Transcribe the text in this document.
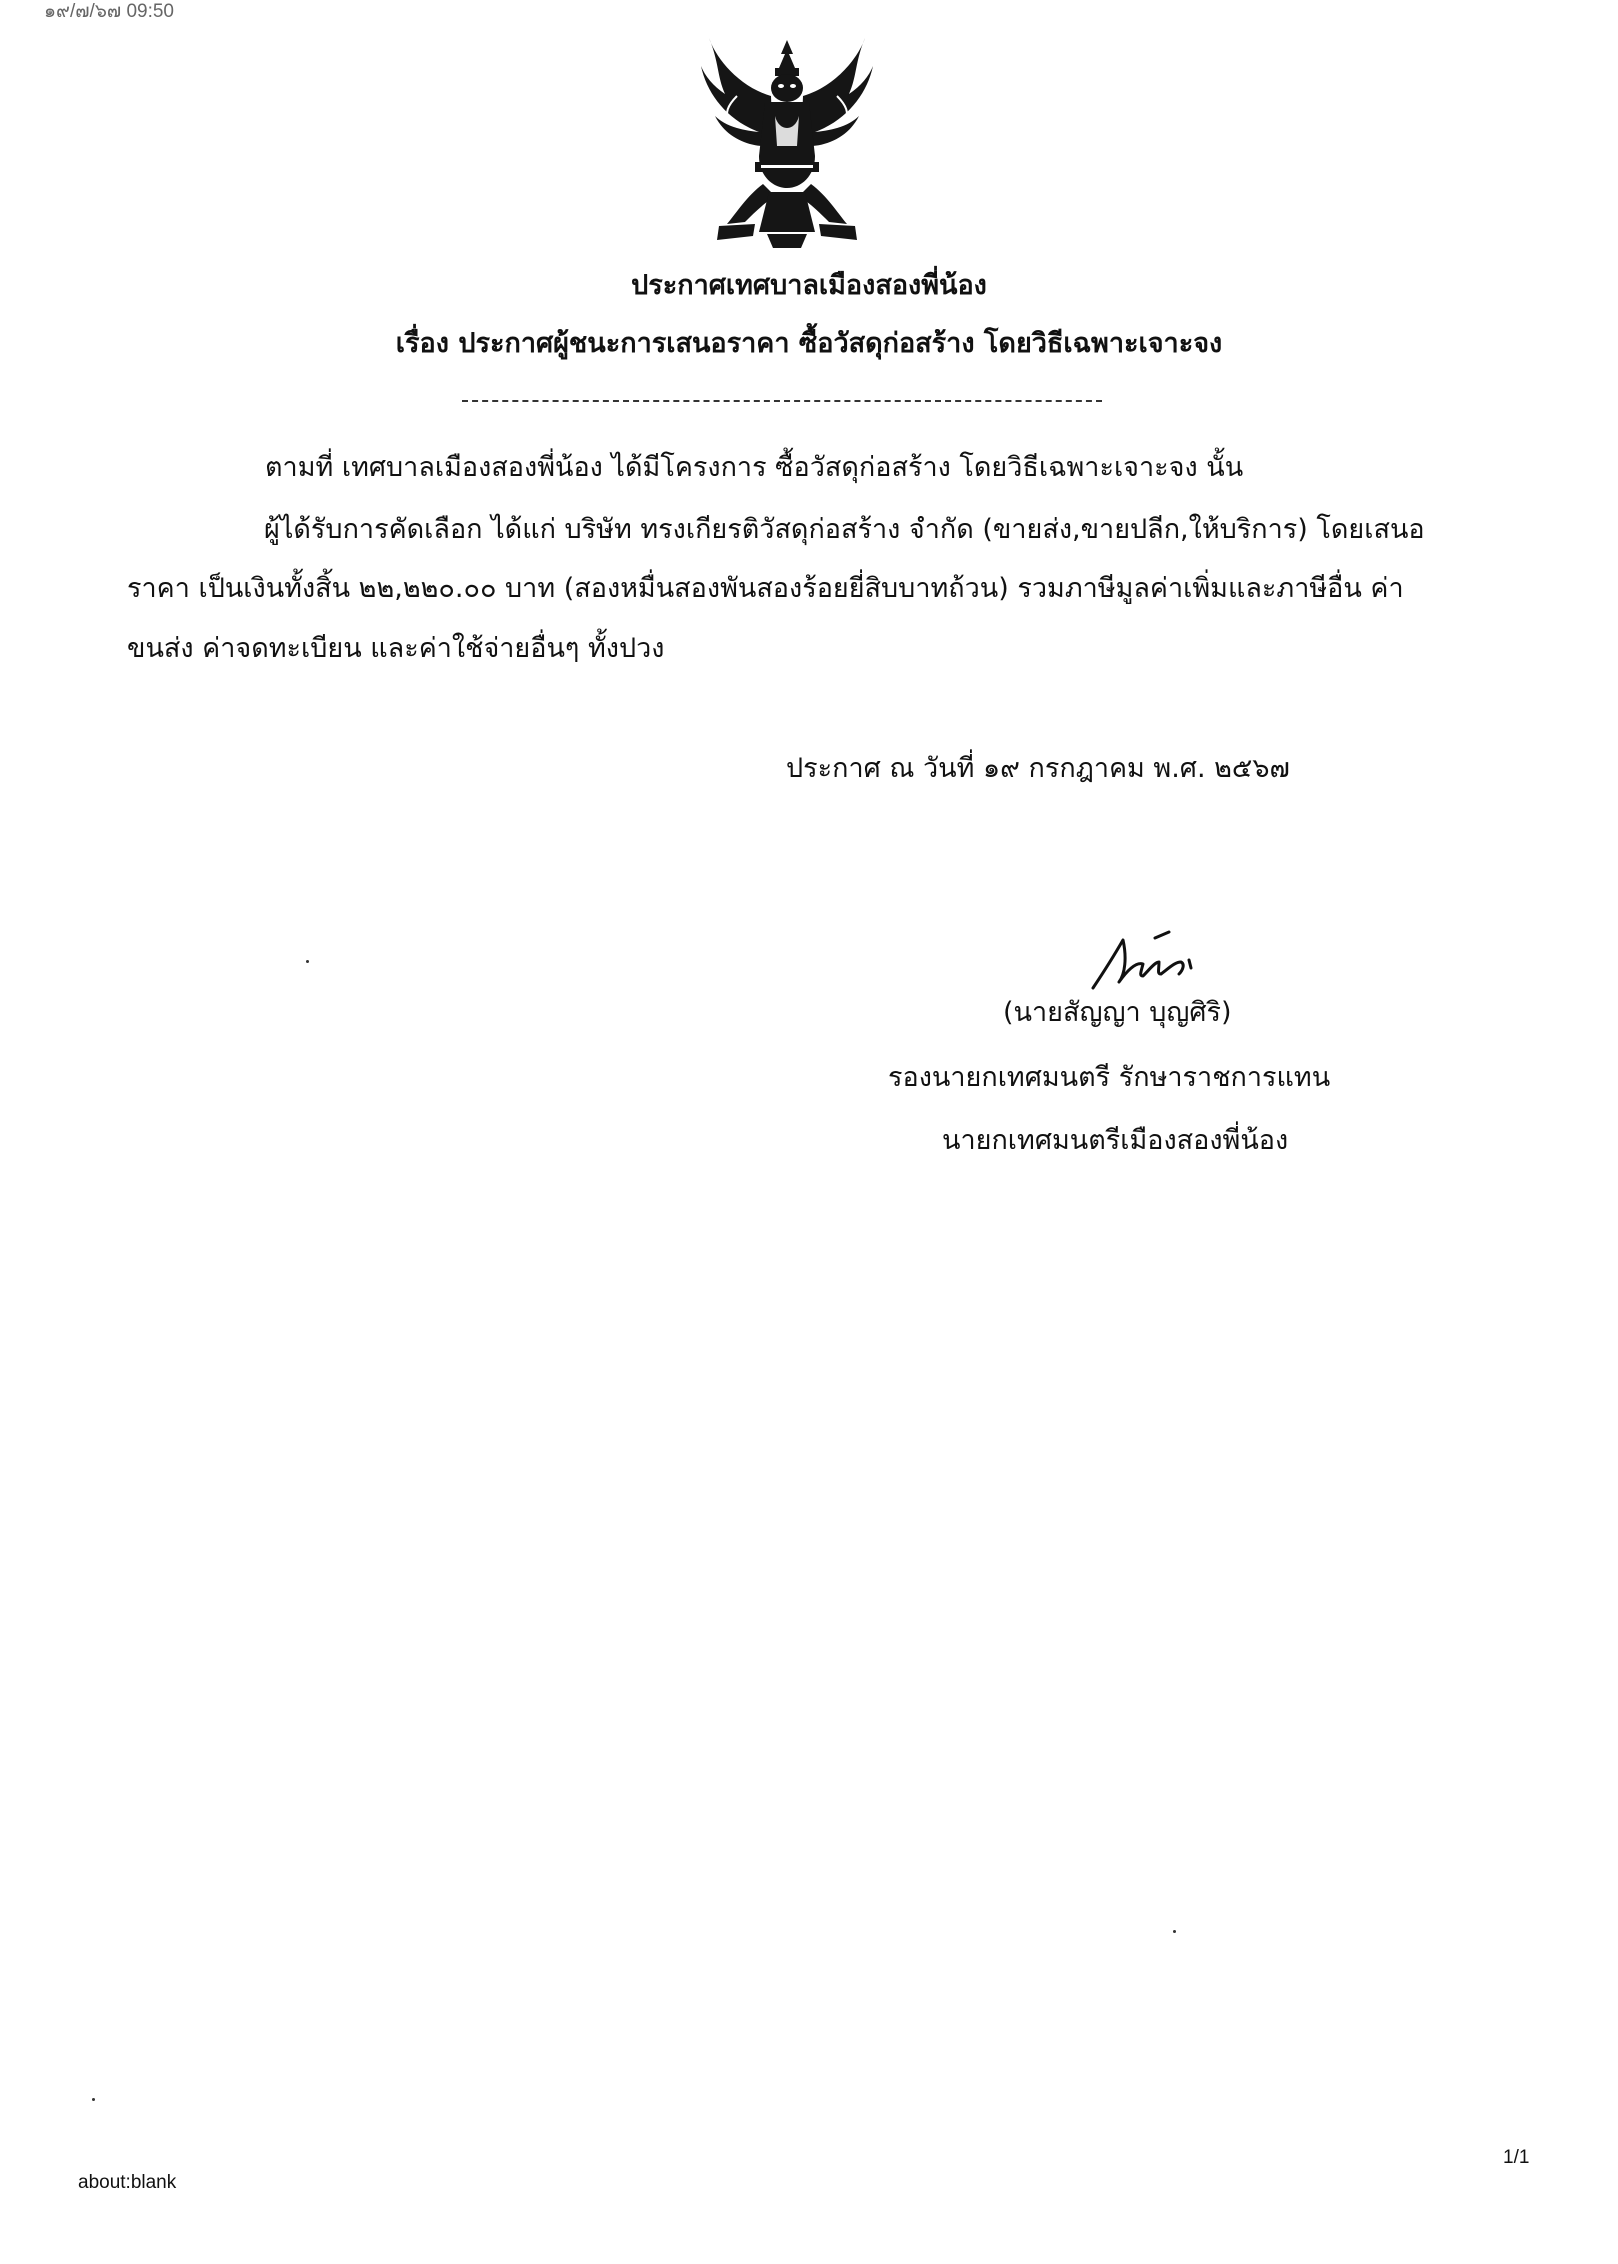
๑๙/๗/๖๗ 09:50
ประกาศเทศบาลเมืองสองพี่น้อง
เรื่อง ประกาศผู้ชนะการเสนอราคา ซื้อวัสดุก่อสร้าง โดยวิธีเฉพาะเจาะจง
ตามที่ เทศบาลเมืองสองพี่น้อง ได้มีโครงการ ซื้อวัสดุก่อสร้าง โดยวิธีเฉพาะเจาะจง นั้น
ผู้ได้รับการคัดเลือก ได้แก่ บริษัท ทรงเกียรติวัสดุก่อสร้าง จำกัด (ขายส่ง,ขายปลีก,ให้บริการ) โดยเสนอ
ราคา เป็นเงินทั้งสิ้น ๒๒,๒๒๐.๐๐ บาท (สองหมื่นสองพันสองร้อยยี่สิบบาทถ้วน) รวมภาษีมูลค่าเพิ่มและภาษีอื่น ค่า
ขนส่ง ค่าจดทะเบียน และค่าใช้จ่ายอื่นๆ ทั้งปวง
ประกาศ ณ วันที่ ๑๙ กรกฎาคม พ.ศ. ๒๕๖๗
(นายสัญญา บุญศิริ)
รองนายกเทศมนตรี รักษาราชการแทน
นายกเทศมนตรีเมืองสองพี่น้อง
about:blank
1/1
